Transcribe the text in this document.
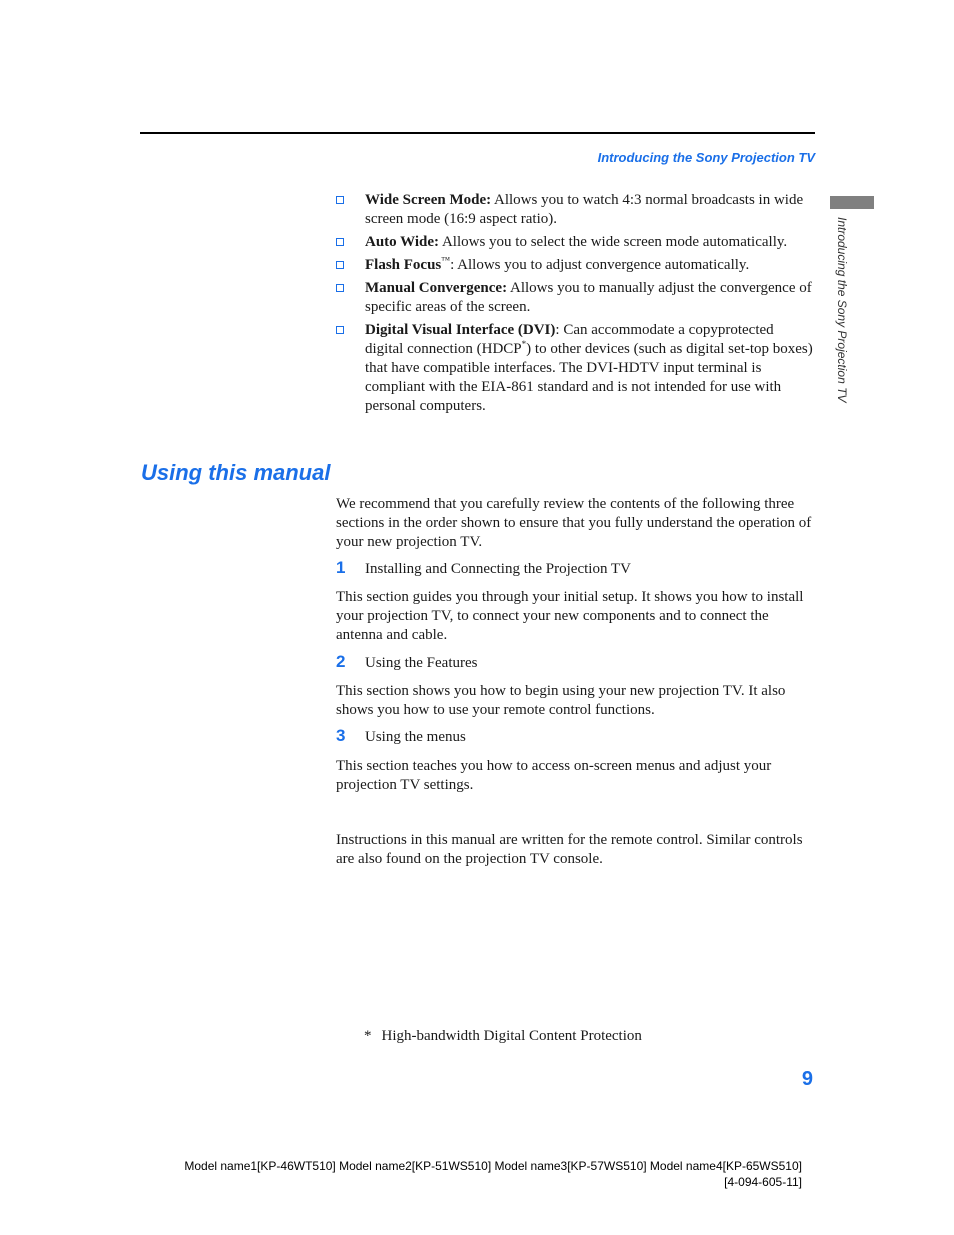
Introducing the Sony Projection TV
Introducing the Sony Projection TV
Wide Screen Mode: Allows you to watch 4:3 normal broadcasts in wide screen mode (16:9 aspect ratio).
Auto Wide: Allows you to select the wide screen mode automatically.
Flash Focus™: Allows you to adjust convergence automatically.
Manual Convergence: Allows you to manually adjust the convergence of specific areas of the screen.
Digital Visual Interface (DVI): Can accommodate a copyprotected digital connection (HDCP*) to other devices (such as digital set-top boxes) that have compatible interfaces. The DVI-HDTV input terminal is compliant with the EIA-861 standard and is not intended for use with personal computers.
Using this manual
We recommend that you carefully review the contents of the following three sections in the order shown to ensure that you fully understand the operation of your new projection TV.
1 Installing and Connecting the Projection TV
This section guides you through your initial setup. It shows you how to install your projection TV, to connect your new components and to connect the antenna and cable.
2 Using the Features
This section shows you how to begin using your new projection TV. It also shows you how to use your remote control functions.
3 Using the menus
This section teaches you how to access on-screen menus and adjust your projection TV settings.
Instructions in this manual are written for the remote control. Similar controls are also found on the projection TV console.
* High-bandwidth Digital Content Protection
9
Model name1[KP-46WT510] Model name2[KP-51WS510] Model name3[KP-57WS510] Model name4[KP-65WS510]
[4-094-605-11]
